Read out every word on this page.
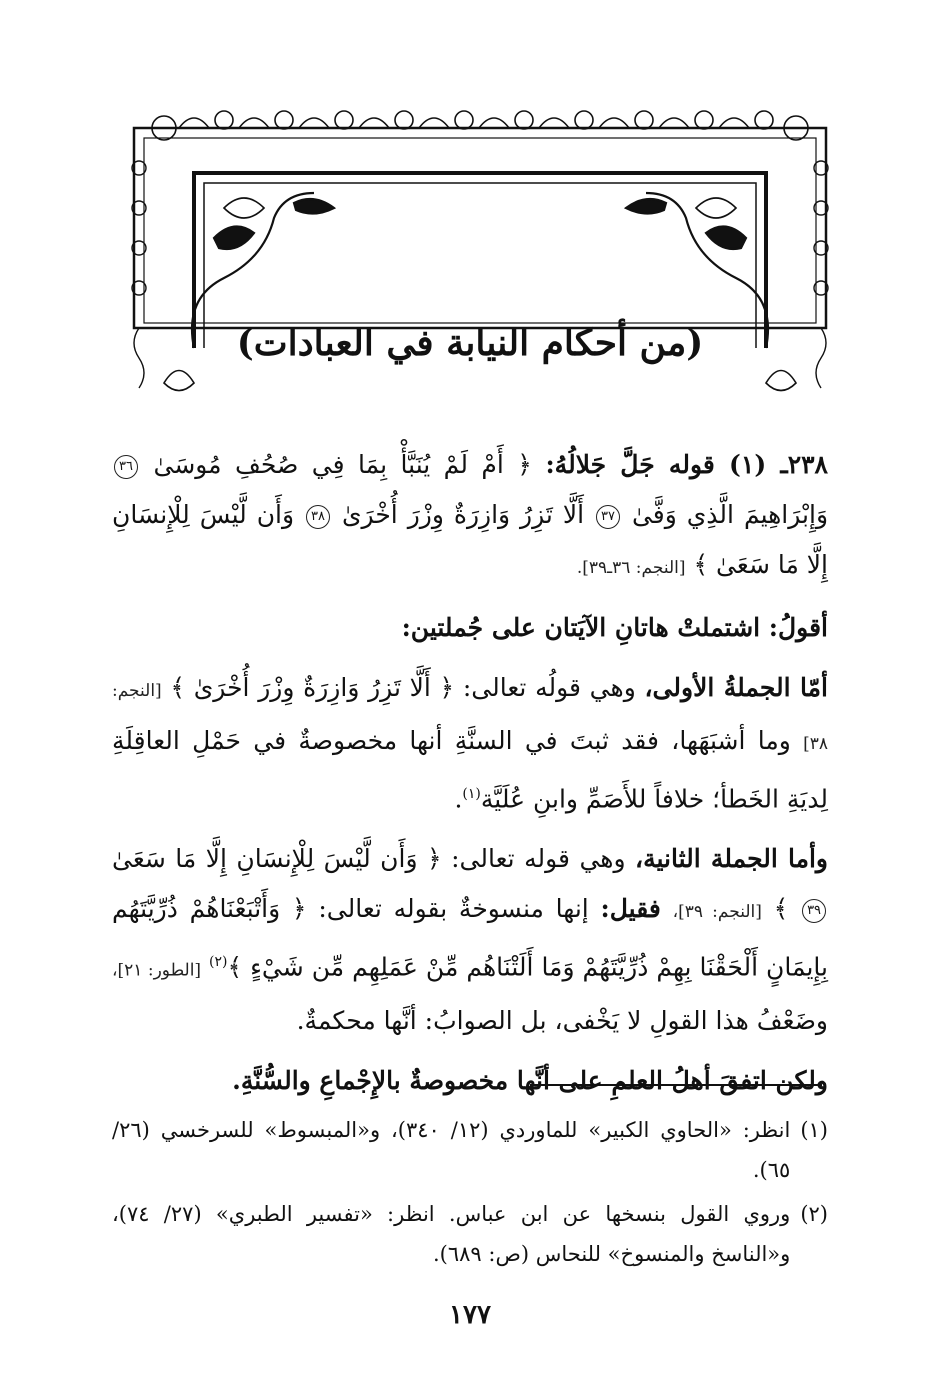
(من أحكام النيابة في العبادات)

٢٣٨ـ (١) قوله جَلَّ جَلالُهُ: ﴿ أَمْ لَمْ يُنَبَّأْ بِمَا فِي صُحُفِ مُوسَىٰ ٣٦ وَإِبْرَاهِيمَ الَّذِي وَفَّىٰ ٣٧ أَلَّا تَزِرُ وَازِرَةٌ وِزْرَ أُخْرَىٰ ٣٨ وَأَن لَّيْسَ لِلْإِنسَانِ إِلَّا مَا سَعَىٰ ﴾ [النجم: ٣٦ـ٣٩].

أقولُ: اشتملتْ هاتانِ الآيَتان على جُملتين:

أمّا الجملةُ الأولى، وهي قولُه تعالى: ﴿ أَلَّا تَزِرُ وَازِرَةٌ وِزْرَ أُخْرَىٰ ﴾ [النجم: ٣٨] وما أشبَهَها، فقد ثبتَ في السنَّةِ أنها مخصوصةٌ في حَمْلِ العاقِلَةِ لِديَةِ الخَطأ؛ خلافاً للأَصَمِّ وابنِ عُلَيَّة$^{(١)}$.

وأما الجملة الثانية، وهي قوله تعالى: ﴿ وَأَن لَّيْسَ لِلْإِنسَانِ إِلَّا مَا سَعَىٰ ٣٩ ﴾ [النجم: ٣٩]، فقيل: إنها منسوخةٌ بقوله تعالى: ﴿ وَأَتْبَعْنَاهُمْ ذُرِّيَّتَهُم بِإِيمَانٍ أَلْحَقْنَا بِهِمْ ذُرِّيَّتَهُمْ وَمَا أَلَتْنَاهُم مِّنْ عَمَلِهِم مِّن شَيْءٍ ﴾$^{(٢)}$ [الطور: ٢١]، وضَعْفُ هذا القولِ لا يَخْفى، بل الصوابُ: أنَّها محكمةٌ.

ولكن اتفقَ أهلُ العلمِ على أنَّها مخصوصةٌ بالإِجْماعِ والسُّنَّةِ.

(١)
انظر: «الحاوي الكبير» للماوردي (١٢/ ٣٤٠)، و«المبسوط» للسرخسي (٢٦/ ٦٥).
(٢)
وروي القول بنسخها عن ابن عباس. انظر: «تفسير الطبري» (٢٧/ ٧٤)، و«الناسخ والمنسوخ» للنحاس (ص: ٦٨٩).
١٧٧
